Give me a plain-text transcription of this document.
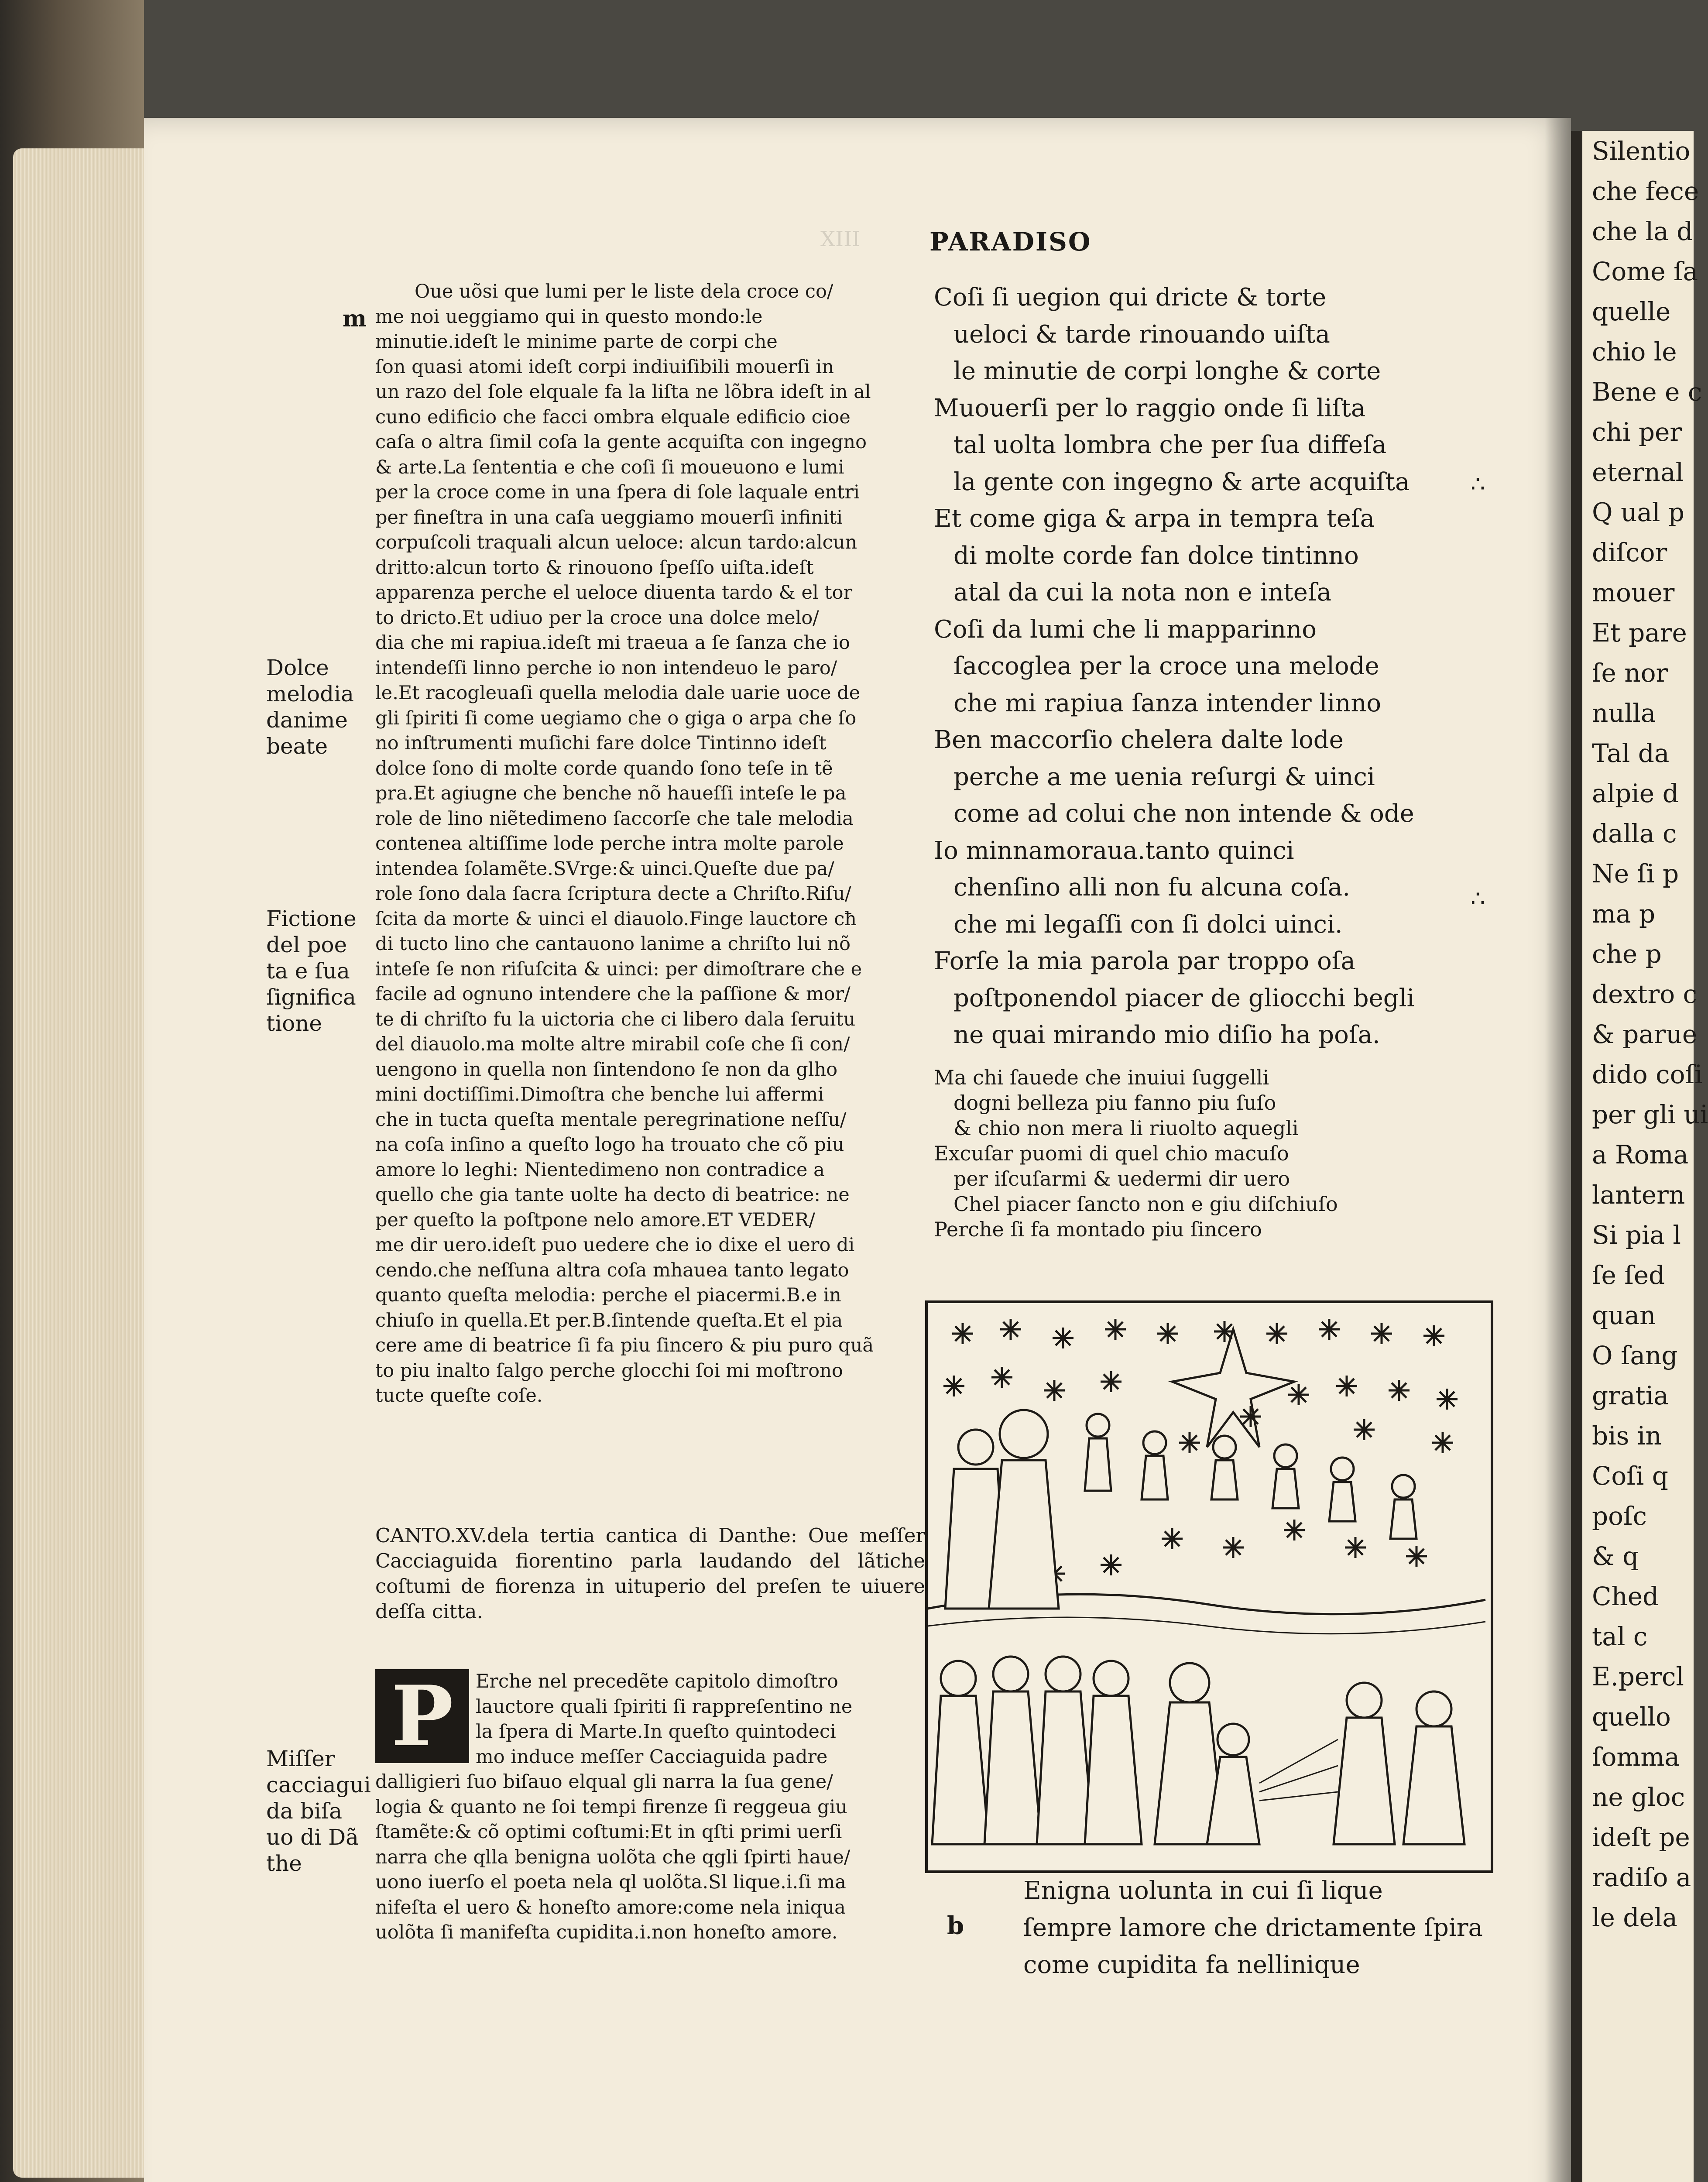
Silentio
che fece
che la d
Come ſa
quelle
chio le
Bene e c
chi per
eternal
Q ual p
diſcor
mouer
Et pare
ſe nor
nulla
Tal da
alpie d
dalla c
Ne ſi p
ma p
che p
dextro c
& parue
dido coſi
per gli ui
a Roma
lantern
Si pia l
ſe ſed
quan
O ſang
gratia
bis in
Coſi q
poſc
& q
Ched
tal c
E.percl
quello
ſomma
ne gloc
ideſt pe
radiſo a
le dela
XIII	PARADISO
m
Oue uõsi que lumi per le liste dela croce co/
me noi ueggiamo qui in questo mondo:le
minutie.ideſt le minime parte de corpi che
ſon quasi atomi ideſt corpi indiuiſibili mouerſi in
un razo del ſole elquale fa la liſta ne lõbra ideſt in al
cuno edificio che facci ombra elquale edificio cioe
caſa o altra ſimil coſa la gente acquiſta con ingegno
& arte.La ſententia e che coſi ſi moueuono e lumi
per la croce come in una ſpera di ſole laquale entri
per fineſtra in una caſa ueggiamo mouerſi infiniti
corpuſcoli traquali alcun ueloce: alcun tardo:alcun
dritto:alcun torto & rinouono ſpeſſo uiſta.ideſt
apparenza perche el ueloce diuenta tardo & el tor
to dricto.Et udiuo per la croce una dolce melo/
dia che mi rapiua.ideſt mi traeua a ſe ſanza che io
intendeſſi linno perche io non intendeuo le paro/
le.Et racogleuaſi quella melodia dale uarie uoce de
gli ſpiriti ſi come uegiamo che o giga o arpa che ſo
no inſtrumenti muſichi fare dolce Tintinno ideſt
dolce ſono di molte corde quando ſono teſe in tẽ
pra.Et agiugne che benche nõ haueſſi inteſe le pa
role de lino niẽtedimeno ſaccorſe che tale melodia
contenea altiſſime lode perche intra molte parole
intendea ſolamẽte.SVrge:& uinci.Queſte due pa/
role ſono dala ſacra ſcriptura decte a Chriſto.Riſu/
ſcita da morte & uinci el diauolo.Finge lauctore cħ
di tucto lino che cantauono lanime a chriſto lui nõ
inteſe ſe non riſuſcita & uinci: per dimoſtrare che e
facile ad ognuno intendere che la paſſione & mor/
te di chriſto fu la uictoria che ci libero dala ſeruitu
del diauolo.ma molte altre mirabil coſe che ſi con/
uengono in quella non ſintendono ſe non da glho
mini doctiſſimi.Dimoſtra che benche lui affermi
che in tucta queſta mentale peregrinatione neſſu/
na coſa inſino a queſto logo ha trouato che cõ piu
amore lo leghi: Nientedimeno non contradice a
quello che gia tante uolte ha decto di beatrice: ne
per queſto la poſtpone nelo amore.ET VEDER/
me dir uero.ideſt puo uedere che io dixe el uero di
cendo.che neſſuna altra coſa mhauea tanto legato
quanto queſta melodia: perche el piacermi.B.e in
chiuſo in quella.Et per.B.ſintende queſta.Et el pia
cere ame di beatrice ſi fa piu ſincero & piu puro quã
to piu inalto ſalgo perche glocchi ſoi mi moſtrono
tucte queſte coſe.
Dolce melodia danime beate
Fictione del poe ta e ſua ſignifica tione
Miſſer cacciagui da biſa uo di Dã the
CANTO.XV.dela tertia cantica di Danthe: Oue meſſer Cacciaguida fiorentino parla laudando del lãtiche coſtumi de fiorenza in uituperio del preſen te uiuere deſſa citta.
P	Erche nel precedẽte capitolo dimoſtro
lauctore quali ſpiriti ſi rappreſentino ne
la ſpera di Marte.In queſto quintodeci
mo induce meſſer Cacciaguida padre
dalligieri ſuo biſauo elqual gli narra la ſua gene/
logia & quanto ne ſoi tempi firenze ſi reggeua giu
ſtamẽte:& cõ optimi coſtumi:Et in qſti primi uerſi
narra che qlla benigna uolõta che qgli ſpirti haue/
uono iuerſo el poeta nela ql uolõta.Sl lique.i.ſi ma
nifeſta el uero & honeſto amore:come nela iniqua
uolõta ſi manifeſta cupidita.i.non honeſto amore.
Coſi ſi uegion qui dricte & torte
ueloci & tarde rinouando uiſta
le minutie de corpi longhe & corte
Muouerſi per lo raggio onde ſi liſta
tal uolta lombra che per ſua diffeſa
la gente con ingegno & arte acquiſta
Et come giga & arpa in tempra teſa
di molte corde fan dolce tintinno
atal da cui la nota non e inteſa
Coſi da lumi che li mapparinno
ſaccoglea per la croce una melode
che mi rapiua ſanza intender linno
Ben maccorſio chelera dalte lode
perche a me uenia reſurgi & uinci
come ad colui che non intende & ode
Io minnamoraua.tanto quinci
chenſino alli non fu alcuna coſa.
che mi legaſſi con ſi dolci uinci.
Forſe la mia parola par troppo oſa
poſtponendol piacer de gliocchi begli
ne quai mirando mio diſio ha poſa.
∴
∴
Ma chi ſauede che inuiui ſuggelli
dogni belleza piu fanno piu ſuſo
& chio non mera li riuolto aquegli
Excuſar puomi di quel chio macuſo
per iſcuſarmi & uedermi dir uero
Chel piacer ſancto non e giu diſchiuſo
Perche ſi fa montado piu ſincero
b
Enigna uolunta in cui ſi lique
ſempre lamore che drictamente ſpira
come cupidita fa nellinique
